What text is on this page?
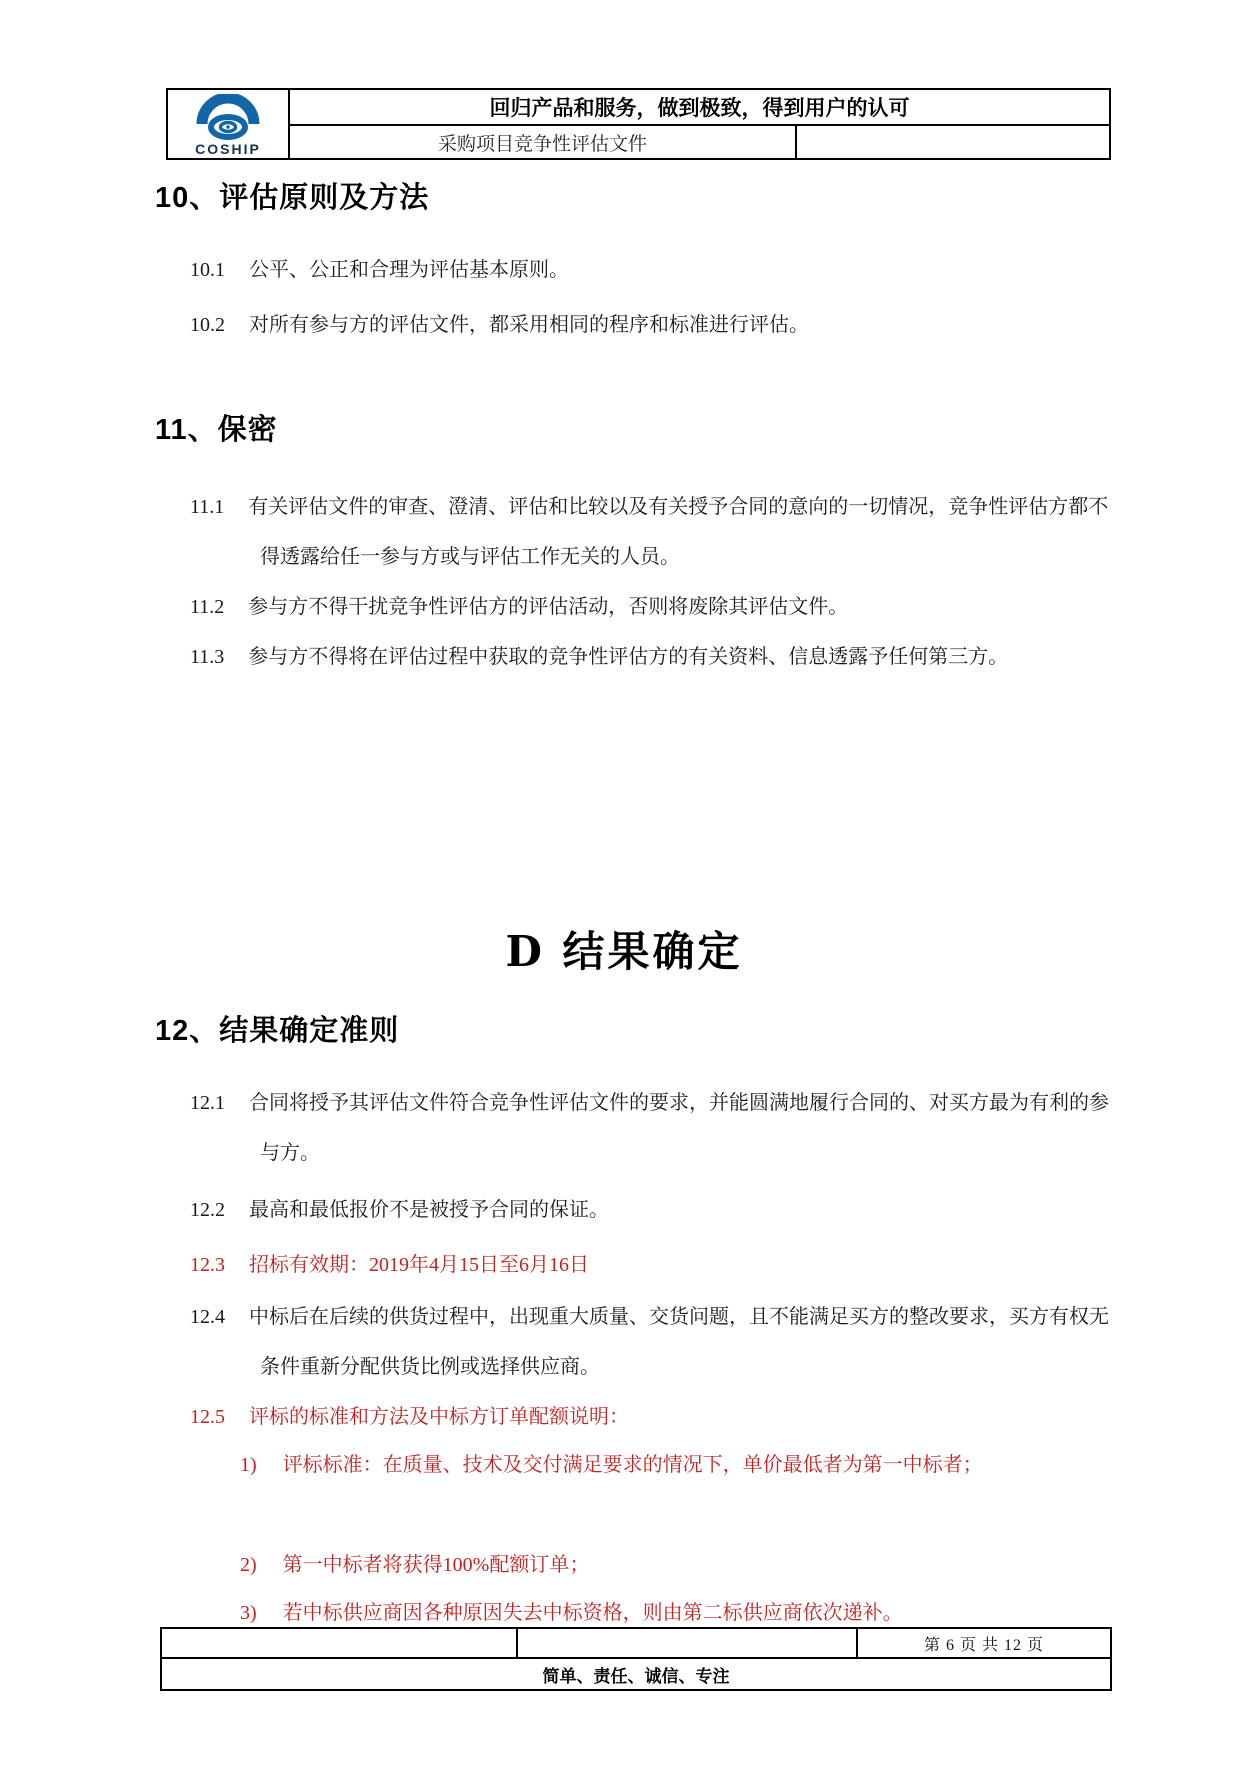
COSHIP
回归产品和服务，做到极致，得到用户的认可
采购项目竞争性评估文件
10、评估原则及方法
10.1 公平、公正和合理为评估基本原则。
10.2 对所有参与方的评估文件，都采用相同的程序和标准进行评估。
11、保密
11.1 有关评估文件的审查、澄清、评估和比较以及有关授予合同的意向的一切情况，竞争性评估方都不得透露给任一参与方或与评估工作无关的人员。
11.2 参与方不得干扰竞争性评估方的评估活动，否则将废除其评估文件。
11.3 参与方不得将在评估过程中获取的竞争性评估方的有关资料、信息透露予任何第三方。
D 结果确定
12、结果确定准则
12.1 合同将授予其评估文件符合竞争性评估文件的要求，并能圆满地履行合同的、对买方最为有利的参与方。
12.2 最高和最低报价不是被授予合同的保证。
12.3 招标有效期：2019年4月15日至6月16日
12.4 中标后在后续的供货过程中，出现重大质量、交货问题，且不能满足买方的整改要求，买方有权无条件重新分配供货比例或选择供应商。
12.5 评标的标准和方法及中标方订单配额说明：
1) 评标标准：在质量、技术及交付满足要求的情况下，单价最低者为第一中标者；
2) 第一中标者将获得100%配额订单；
3) 若中标供应商因各种原因失去中标资格，则由第二标供应商依次递补。
第 6 页 共 12 页
简单、责任、诚信、专注
